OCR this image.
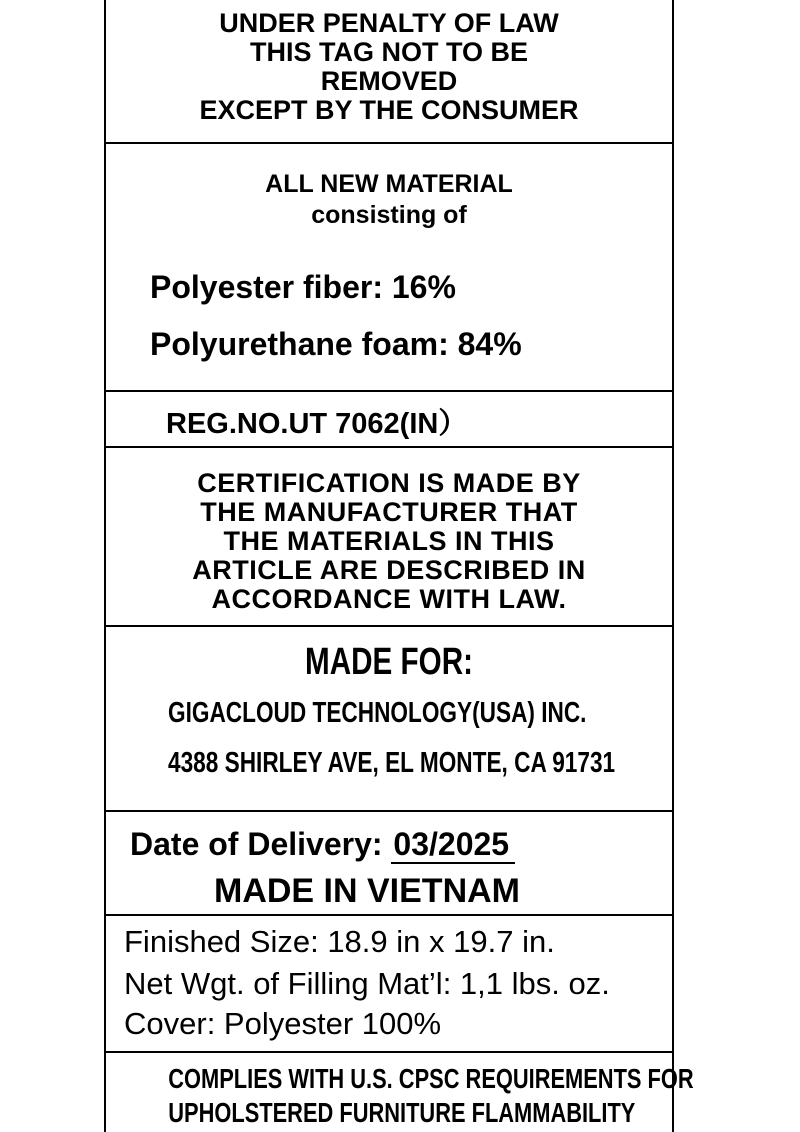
UNDER PENALTY OF LAW
THIS TAG NOT TO BE
REMOVED
EXCEPT BY THE CONSUMER
ALL NEW MATERIAL
consisting of
Polyester fiber: 16%
Polyurethane foam: 84%
REG.NO.UT 7062(IN）
CERTIFICATION IS MADE BY
THE MANUFACTURER THAT
THE MATERIALS IN THIS
ARTICLE ARE DESCRIBED IN
ACCORDANCE WITH LAW.
MADE FOR:
GIGACLOUD TECHNOLOGY(USA) INC.
4388 SHIRLEY AVE, EL MONTE, CA 91731
Date of Delivery: 03/2025
MADE IN VIETNAM
Finished Size: 18.9 in x 19.7 in.
Net Wgt. of Filling Mat’l: 1,1 lbs. oz.
Cover: Polyester 100%
COMPLIES WITH U.S. CPSC REQUIREMENTS FOR
UPHOLSTERED FURNITURE FLAMMABILITY
